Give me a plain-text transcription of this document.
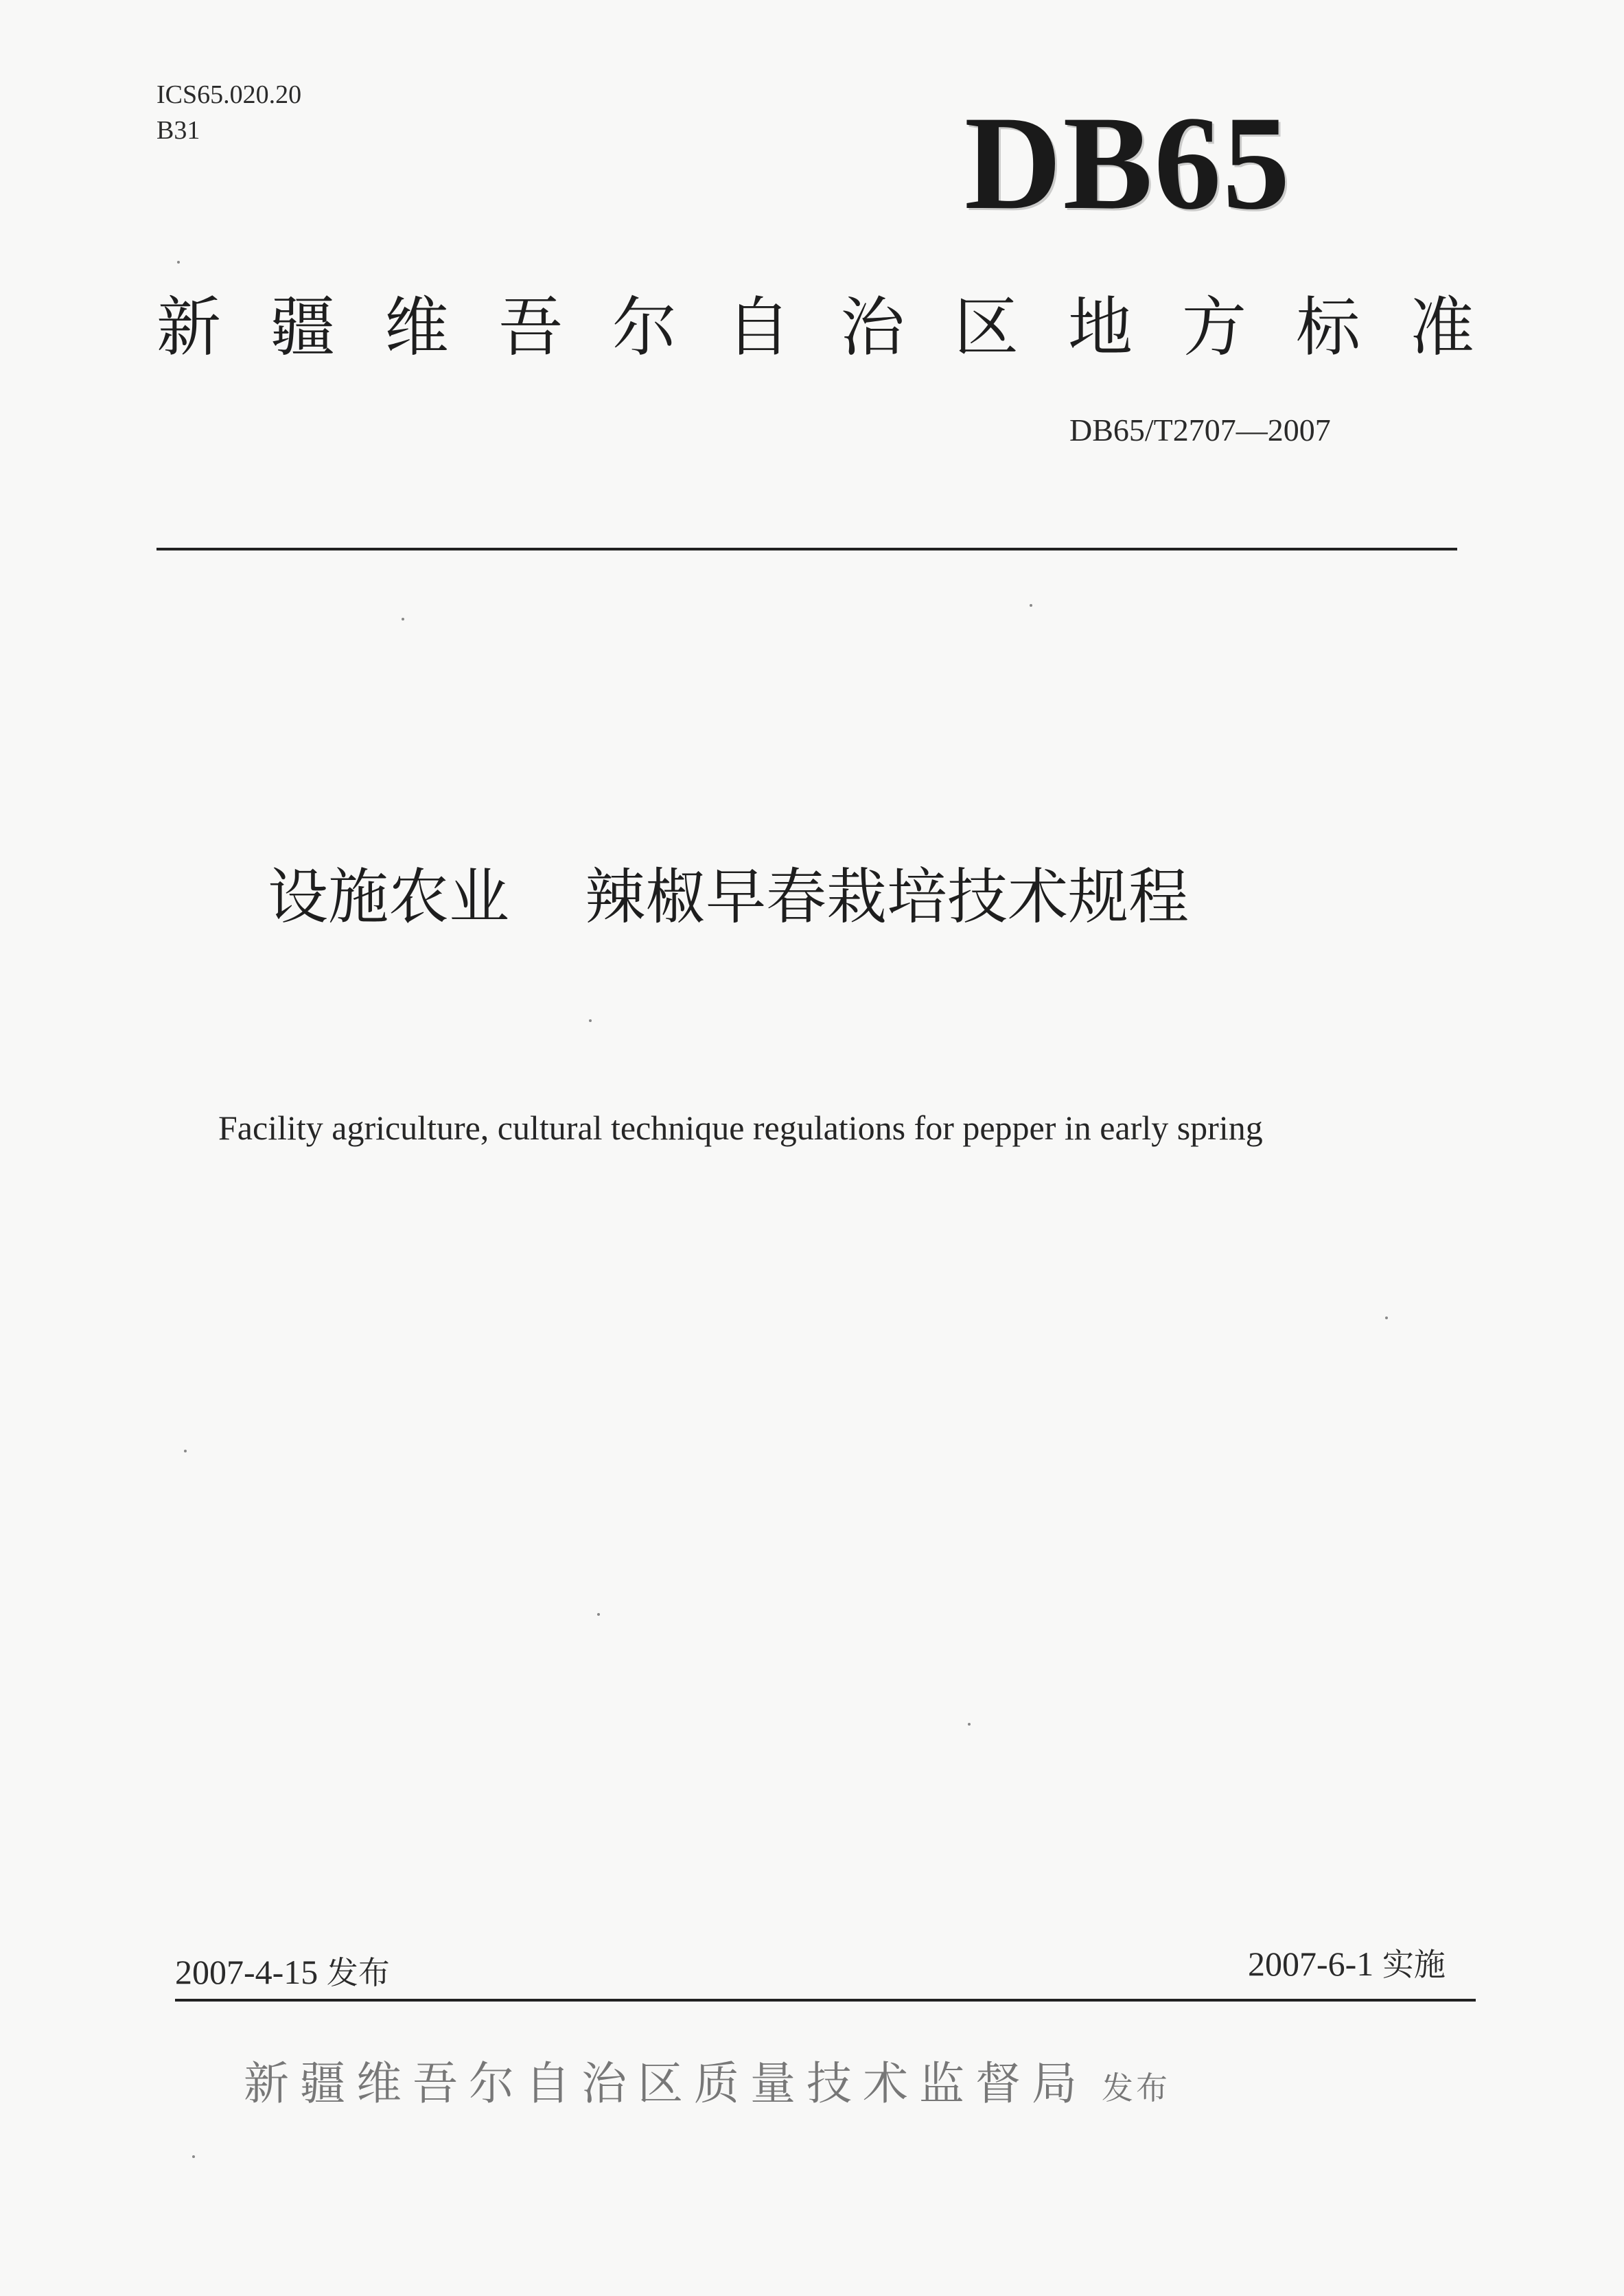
ICS65.020.20
B31	DB65
新疆维吾尔自治区地方标准
DB65/T2707—2007
设施农业 辣椒早春栽培技术规程
Facility agriculture, cultural technique regulations for pepper in early spring
2007-4-15 发布	2007-6-1 实施
新疆维吾尔自治区质量技术监督局 发布
